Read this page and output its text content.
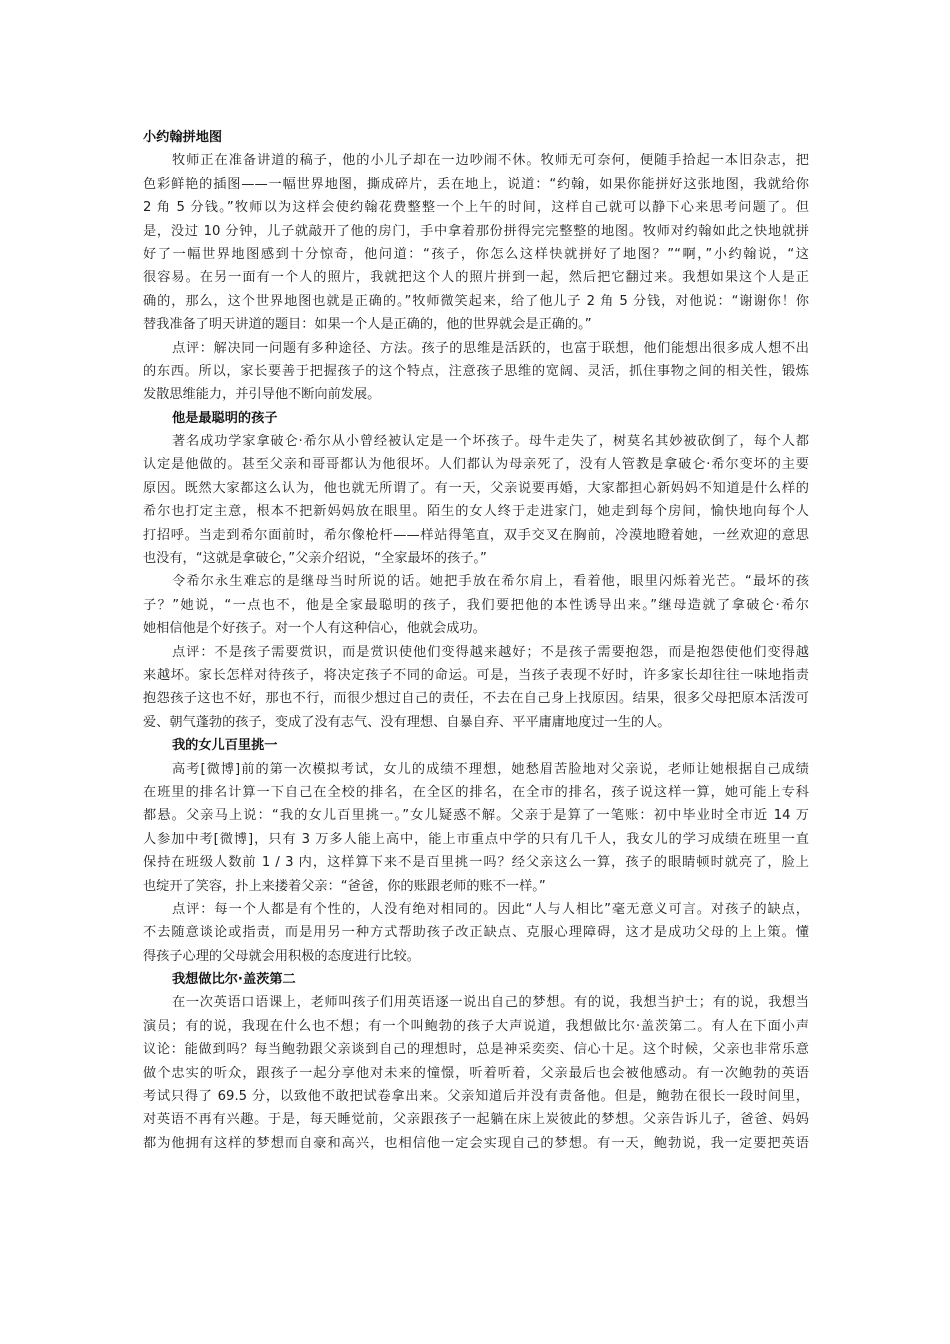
小约翰拼地图
牧师正在准备讲道的稿子，他的小儿子却在一边吵闹不休。牧师无可奈何，便随手拾起一本旧杂志，把
色彩鲜艳的插图——一幅世界地图，撕成碎片，丢在地上，说道：“约翰，如果你能拼好这张地图，我就给你
2 角 5 分钱。”牧师以为这样会使约翰花费整整一个上午的时间，这样自己就可以静下心来思考问题了。但
是，没过 10 分钟，儿子就敲开了他的房门，手中拿着那份拼得完完整整的地图。牧师对约翰如此之快地就拼
好了一幅世界地图感到十分惊奇，他问道：“孩子，你怎么这样快就拼好了地图？”“啊，”小约翰说，“这
很容易。在另一面有一个人的照片，我就把这个人的照片拼到一起，然后把它翻过来。我想如果这个人是正
确的，那么，这个世界地图也就是正确的。”牧师微笑起来，给了他儿子 2 角 5 分钱，对他说：“谢谢你！你
替我准备了明天讲道的题目：如果一个人是正确的，他的世界就会是正确的。”
点评：解决同一问题有多种途径、方法。孩子的思维是活跃的，也富于联想，他们能想出很多成人想不出
的东西。所以，家长要善于把握孩子的这个特点，注意孩子思维的宽阔、灵活，抓住事物之间的相关性，锻炼
发散思维能力，并引导他不断向前发展。
他是最聪明的孩子
著名成功学家拿破仑·希尔从小曾经被认定是一个坏孩子。母牛走失了，树莫名其妙被砍倒了，每个人都
认定是他做的。甚至父亲和哥哥都认为他很坏。人们都认为母亲死了，没有人管教是拿破仑·希尔变坏的主要
原因。既然大家都这么认为，他也就无所谓了。有一天，父亲说要再婚，大家都担心新妈妈不知道是什么样的
希尔也打定主意，根本不把新妈妈放在眼里。陌生的女人终于走进家门，她走到每个房间，愉快地向每个人
打招呼。当走到希尔面前时，希尔像枪杆——样站得笔直，双手交叉在胸前，冷漠地瞪着她，一丝欢迎的意思
也没有，“这就是拿破仑，”父亲介绍说，“全家最坏的孩子。”
令希尔永生难忘的是继母当时所说的话。她把手放在希尔肩上，看着他，眼里闪烁着光芒。“最坏的孩
子？”她说，“一点也不，他是全家最聪明的孩子，我们要把他的本性诱导出来。”继母造就了拿破仑·希尔
她相信他是个好孩子。对一个人有这种信心，他就会成功。
点评：不是孩子需要赏识，而是赏识使他们变得越来越好；不是孩子需要抱怨，而是抱怨使他们变得越
来越坏。家长怎样对待孩子，将决定孩子不同的命运。可是，当孩子表现不好时，许多家长却往往一味地指责
抱怨孩子这也不好，那也不行，而很少想过自己的责任，不去在自己身上找原因。结果，很多父母把原本活泼可
爱、朝气蓬勃的孩子，变成了没有志气、没有理想、自暴自弃、平平庸庸地度过一生的人。
我的女儿百里挑一
高考[微博]前的第一次模拟考试，女儿的成绩不理想，她愁眉苦脸地对父亲说，老师让她根据自己成绩
在班里的排名计算一下自己在全校的排名，在全区的排名，在全市的排名，孩子说这样一算，她可能上专科
都悬。父亲马上说：“我的女儿百里挑一。”女儿疑惑不解。父亲于是算了一笔账：初中毕业时全市近 14 万
人参加中考[微博]，只有 3 万多人能上高中，能上市重点中学的只有几千人，我女儿的学习成绩在班里一直
保持在班级人数前 1 / 3 内，这样算下来不是百里挑一吗？经父亲这么一算，孩子的眼睛顿时就亮了，脸上
也绽开了笑容，扑上来搂着父亲：“爸爸，你的账跟老师的账不一样。”
点评：每一个人都是有个性的，人没有绝对相同的。因此“人与人相比”毫无意义可言。对孩子的缺点，
不去随意谈论或指责，而是用另一种方式帮助孩子改正缺点、克服心理障碍，这才是成功父母的上上策。懂
得孩子心理的父母就会用积极的态度进行比较。
我想做比尔·盖茨第二
在一次英语口语课上，老师叫孩子们用英语逐一说出自己的梦想。有的说，我想当护士；有的说，我想当
演员；有的说，我现在什么也不想；有一个叫鲍勃的孩子大声说道，我想做比尔·盖茨第二。有人在下面小声
议论：能做到吗？每当鲍勃跟父亲谈到自己的理想时，总是神采奕奕、信心十足。这个时候，父亲也非常乐意
做个忠实的听众，跟孩子一起分享他对未来的憧憬，听着听着，父亲最后也会被他感动。有一次鲍勃的英语
考试只得了 69.5 分，以致他不敢把试卷拿出来。父亲知道后并没有责备他。但是，鲍勃在很长一段时间里，
对英语不再有兴趣。于是，每天睡觉前，父亲跟孩子一起躺在床上炭彼此的梦想。父亲告诉儿子，爸爸、妈妈
都为他拥有这样的梦想而自豪和高兴，也相信他一定会实现自己的梦想。有一天，鲍勃说，我一定要把英语
